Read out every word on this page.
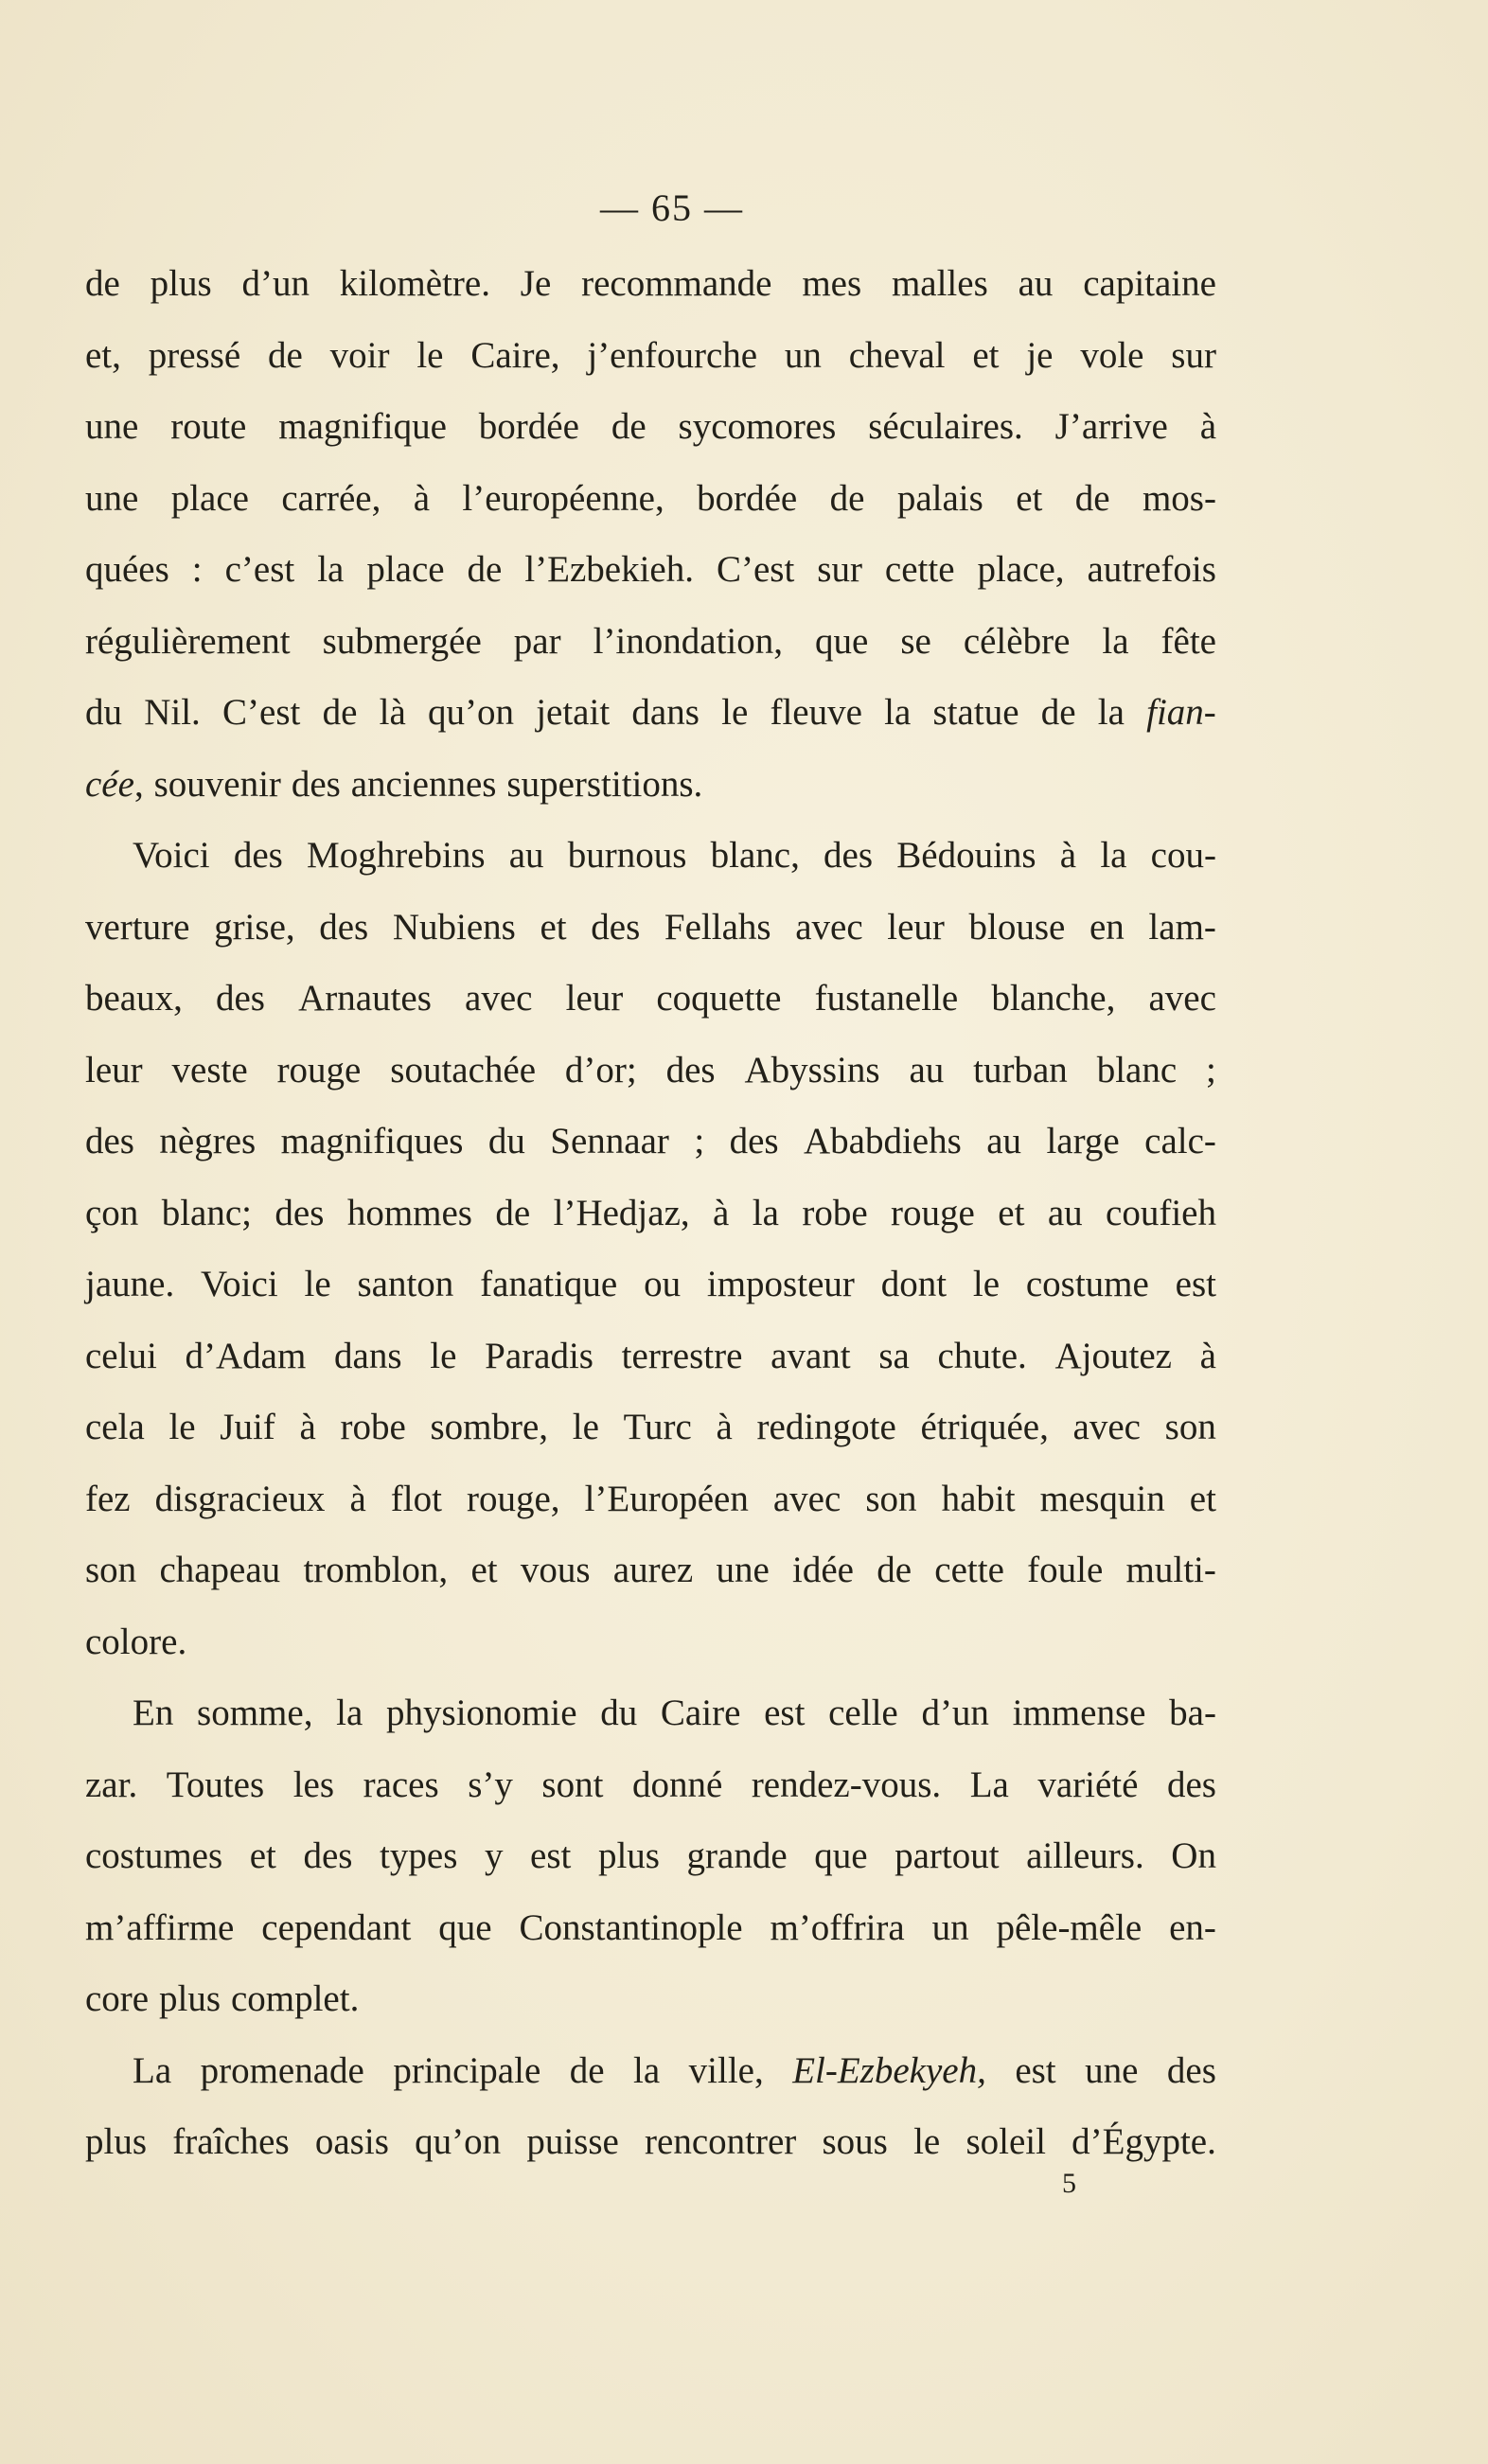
— 65 —
de plus d’un kilomètre. Je recommande mes malles au capitaine
et, pressé de voir le Caire, j’enfourche un cheval et je vole sur
une route magnifique bordée de sycomores séculaires. J’arrive à
une place carrée, à l’européenne, bordée de palais et de mos-
quées : c’est la place de l’Ezbekieh. C’est sur cette place, autrefois
régulièrement submergée par l’inondation, que se célèbre la fête
du Nil. C’est de là qu’on jetait dans le fleuve la statue de la fian-
cée, souvenir des anciennes superstitions.
Voici des Moghrebins au burnous blanc, des Bédouins à la cou-
verture grise, des Nubiens et des Fellahs avec leur blouse en lam-
beaux, des Arnautes avec leur coquette fustanelle blanche, avec
leur veste rouge soutachée d’or; des Abyssins au turban blanc ;
des nègres magnifiques du Sennaar ; des Ababdiehs au large calc-
çon blanc; des hommes de l’Hedjaz, à la robe rouge et au coufieh
jaune. Voici le santon fanatique ou imposteur dont le costume est
celui d’Adam dans le Paradis terrestre avant sa chute. Ajoutez à
cela le Juif à robe sombre, le Turc à redingote étriquée, avec son
fez disgracieux à flot rouge, l’Européen avec son habit mesquin et
son chapeau tromblon, et vous aurez une idée de cette foule multi-
colore.
En somme, la physionomie du Caire est celle d’un immense ba-
zar. Toutes les races s’y sont donné rendez-vous. La variété des
costumes et des types y est plus grande que partout ailleurs. On
m’affirme cependant que Constantinople m’offrira un pêle-mêle en-
core plus complet.
La promenade principale de la ville, El-Ezbekyeh, est une des
plus fraîches oasis qu’on puisse rencontrer sous le soleil d’Égypte.
5
